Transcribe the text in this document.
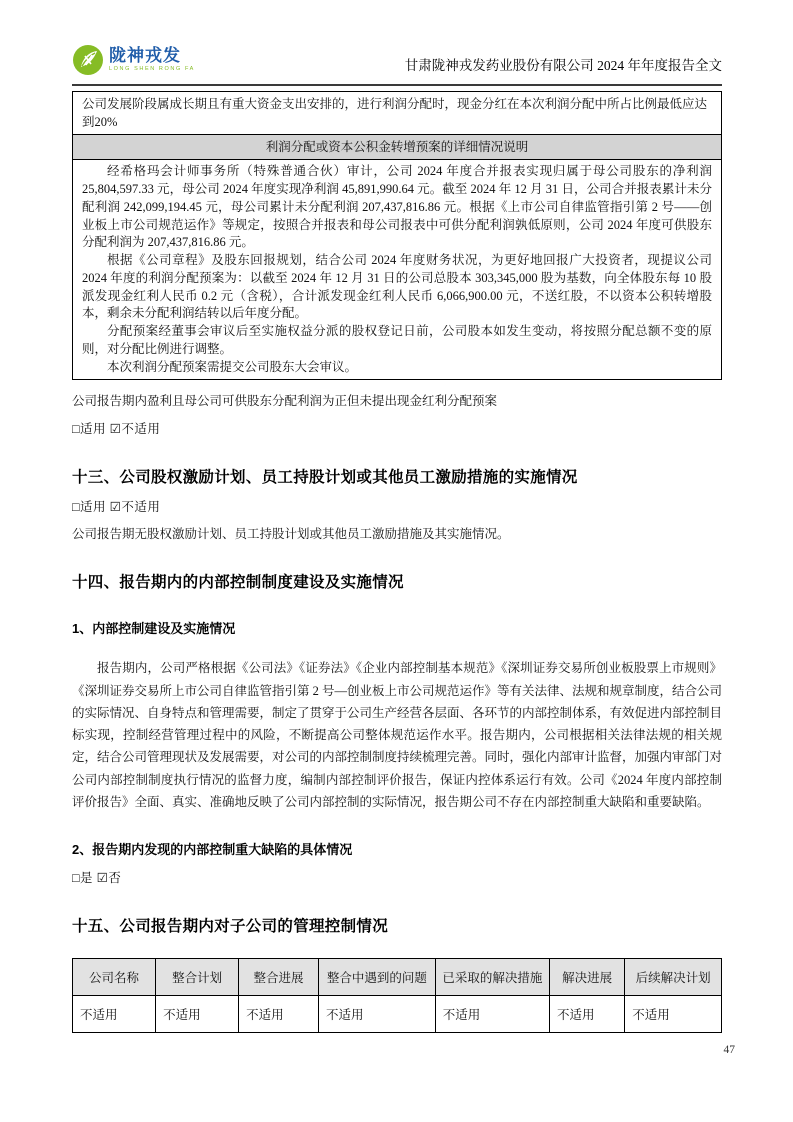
陇神戎发
LONG SHEN RONG FA	甘肃陇神戎发药业股份有限公司 2024 年年度报告全文
公司发展阶段属成长期且有重大资金支出安排的，进行利润分配时，现金分红在本次利润分配中所占比例最低应达到20%
利润分配或资本公积金转增预案的详细情况说明

经希格玛会计师事务所（特殊普通合伙）审计，公司 2024 年度合并报表实现归属于母公司股东的净利润 25,804,597.33 元，母公司 2024 年度实现净利润 45,891,990.64 元。截至 2024 年 12 月 31 日，公司合并报表累计未分配利润 242,099,194.45 元，母公司累计未分配利润 207,437,816.86 元。根据《上市公司自律监管指引第 2 号——创业板上市公司规范运作》等规定，按照合并报表和母公司报表中可供分配利润孰低原则，公司 2024 年度可供股东分配利润为 207,437,816.86 元。

根据《公司章程》及股东回报规划，结合公司 2024 年度财务状况，为更好地回报广大投资者，现提议公司 2024 年度的利润分配预案为：以截至 2024 年 12 月 31 日的公司总股本 303,345,000 股为基数，向全体股东每 10 股派发现金红利人民币 0.2 元（含税），合计派发现金红利人民币 6,066,900.00 元，不送红股，不以资本公积转增股本，剩余未分配利润结转以后年度分配。

分配预案经董事会审议后至实施权益分派的股权登记日前，公司股本如发生变动，将按照分配总额不变的原则，对分配比例进行调整。

本次利润分配预案需提交公司股东大会审议。

公司报告期内盈利且母公司可供股东分配利润为正但未提出现金红利分配预案
□适用 ☑不适用
十三、公司股权激励计划、员工持股计划或其他员工激励措施的实施情况
□适用 ☑不适用
公司报告期无股权激励计划、员工持股计划或其他员工激励措施及其实施情况。
十四、报告期内的内部控制制度建设及实施情况
1、内部控制建设及实施情况

报告期内，公司严格根据《公司法》《证券法》《企业内部控制基本规范》《深圳证券交易所创业板股票上市规则》《深圳证券交易所上市公司自律监管指引第 2 号—创业板上市公司规范运作》等有关法律、法规和规章制度，结合公司的实际情况、自身特点和管理需要，制定了贯穿于公司生产经营各层面、各环节的内部控制体系，有效促进内部控制目标实现，控制经营管理过程中的风险，不断提高公司整体规范运作水平。报告期内，公司根据相关法律法规的相关规定，结合公司管理现状及发展需要，对公司的内部控制制度持续梳理完善。同时，强化内部审计监督，加强内审部门对公司内部控制制度执行情况的监督力度，编制内部控制评价报告，保证内控体系运行有效。公司《2024 年度内部控制评价报告》全面、真实、准确地反映了公司内部控制的实际情况，报告期公司不存在内部控制重大缺陷和重要缺陷。

2、报告期内发现的内部控制重大缺陷的具体情况
□是 ☑否
十五、公司报告期内对子公司的管理控制情况
公司名称	整合计划	整合进展	整合中遇到的问题	已采取的解决措施	解决进展	后续解决计划
不适用	不适用	不适用	不适用	不适用	不适用	不适用
47
